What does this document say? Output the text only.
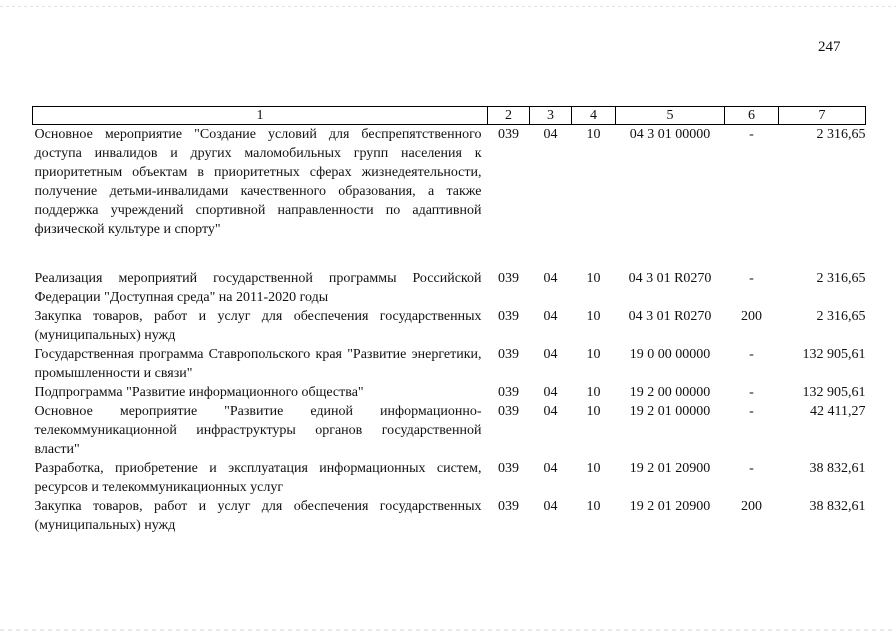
247
1	2	3	4	5	6	7
Основное мероприятие "Создание условий для беспрепятственного доступа инвалидов и других маломобильных групп населения к приоритетным объектам в приоритетных сферах жизнедеятельности, получение детьми-инвалидами качественного образования, а также поддержка учреждений спортивной направленности по адаптивной физической культуре и спорту"	039	04	10	04 3 01 00000	-	2 316,65
Реализация мероприятий государственной программы Российской Федерации "Доступная среда" на 2011-2020 годы	039	04	10	04 3 01 R0270	-	2 316,65
Закупка товаров, работ и услуг для обеспечения государственных (муниципальных) нужд	039	04	10	04 3 01 R0270	200	2 316,65
Государственная программа Ставропольского края "Развитие энергетики, промышленности и связи"	039	04	10	19 0 00 00000	-	132 905,61
Подпрограмма "Развитие информационного общества"	039	04	10	19 2 00 00000	-	132 905,61
Основное мероприятие "Развитие единой информационно-телекоммуникационной инфраструктуры органов государственной власти"	039	04	10	19 2 01 00000	-	42 411,27
Разработка, приобретение и эксплуатация информационных систем, ресурсов и телекоммуникационных услуг	039	04	10	19 2 01 20900	-	38 832,61
Закупка товаров, работ и услуг для обеспечения государственных (муниципальных) нужд	039	04	10	19 2 01 20900	200	38 832,61
